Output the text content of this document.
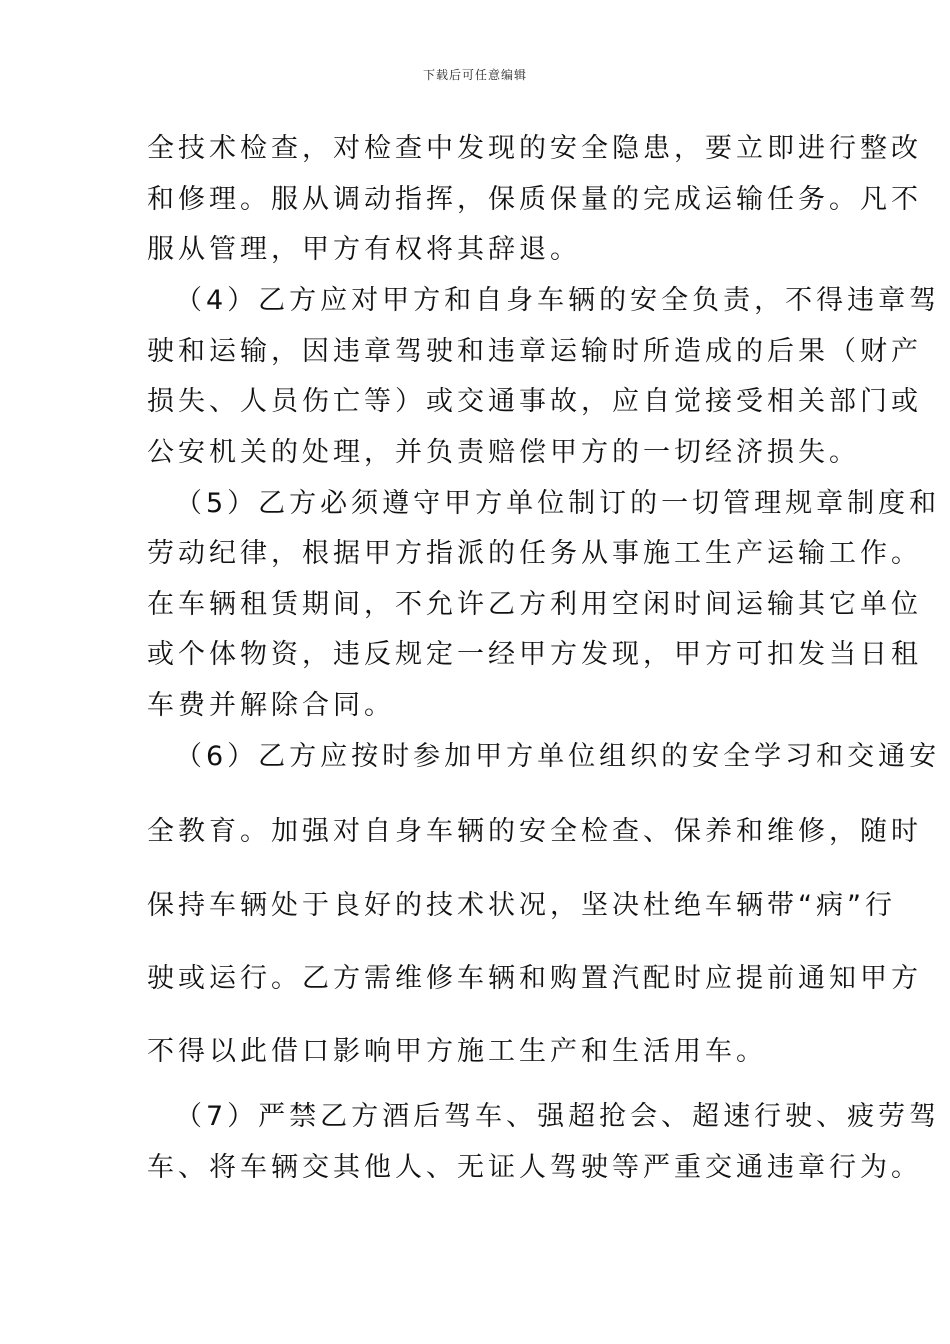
下载后可任意编辑
全技术检查，对检查中发现的安全隐患，要立即进行整改
和修理。服从调动指挥，保质保量的完成运输任务。凡不
服从管理，甲方有权将其辞退。
（4）乙方应对甲方和自身车辆的安全负责，不得违章驾
驶和运输，因违章驾驶和违章运输时所造成的后果（财产
损失、人员伤亡等）或交通事故，应自觉接受相关部门或
公安机关的处理，并负责赔偿甲方的一切经济损失。
（5）乙方必须遵守甲方单位制订的一切管理规章制度和
劳动纪律，根据甲方指派的任务从事施工生产运输工作。
在车辆租赁期间，不允许乙方利用空闲时间运输其它单位
或个体物资，违反规定一经甲方发现，甲方可扣发当日租
车费并解除合同。
（6）乙方应按时参加甲方单位组织的安全学习和交通安
全教育。加强对自身车辆的安全检查、保养和维修，随时
保持车辆处于良好的技术状况，坚决杜绝车辆带“病”行
驶或运行。乙方需维修车辆和购置汽配时应提前通知甲方
不得以此借口影响甲方施工生产和生活用车。
（7）严禁乙方酒后驾车、强超抢会、超速行驶、疲劳驾
车、将车辆交其他人、无证人驾驶等严重交通违章行为。
